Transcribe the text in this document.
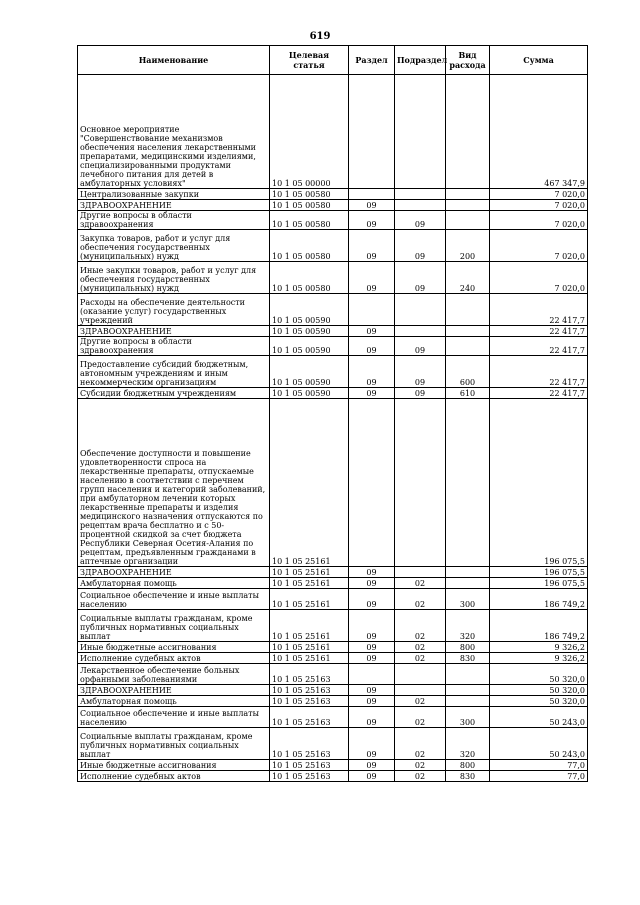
619
Наименование	Целевая статья	Раздел	Подраздел	Вид расхода	Сумма

Основное мероприятие "Совершенствование механизмов обеспечения населения лекарственными препаратами, медицинскими изделиями, специализированными продуктами лечебного питания для детей в амбулаторных условиях"	10 1 05 00000				467 347,9

Централизованные закупки	10 1 05 00580				7 020,0

ЗДРАВООХРАНЕНИЕ	10 1 05 00580	09			7 020,0

Другие вопросы в области здравоохранения	10 1 05 00580	09	09		7 020,0

Закупка товаров, работ и услуг для обеспечения государственных (муниципальных) нужд	10 1 05 00580	09	09	200	7 020,0

Иные закупки товаров, работ и услуг для обеспечения государственных (муниципальных) нужд	10 1 05 00580	09	09	240	7 020,0

Расходы на обеспечение деятельности (оказание услуг) государственных учреждений	10 1 05 00590				22 417,7

ЗДРАВООХРАНЕНИЕ	10 1 05 00590	09			22 417,7

Другие вопросы в области здравоохранения	10 1 05 00590	09	09		22 417,7

Предоставление субсидий бюджетным, автономным учреждениям и иным некоммерческим организациям	10 1 05 00590	09	09	600	22 417,7

Субсидии бюджетным учреждениям	10 1 05 00590	09	09	610	22 417,7

Обеспечение доступности и повышение удовлетворенности спроса на лекарственные препараты, отпускаемые населению в соответствии с перечнем групп населения и категорий заболеваний, при амбулаторном лечении которых лекарственные препараты и изделия медицинского назначения отпускаются по рецептам врача бесплатно и с 50-процентной скидкой за счет бюджета Республики Северная Осетия-Алания по рецептам, предъявленным гражданами в аптечные организации	10 1 05 25161				196 075,5

ЗДРАВООХРАНЕНИЕ	10 1 05 25161	09			196 075,5

Амбулаторная помощь	10 1 05 25161	09	02		196 075,5

Социальное обеспечение и иные выплаты населению	10 1 05 25161	09	02	300	186 749,2

Социальные выплаты гражданам, кроме публичных нормативных социальных выплат	10 1 05 25161	09	02	320	186 749,2

Иные бюджетные ассигнования	10 1 05 25161	09	02	800	9 326,2

Исполнение судебных актов	10 1 05 25161	09	02	830	9 326,2

Лекарственное обеспечение больных орфанными заболеваниями	10 1 05 25163				50 320,0

ЗДРАВООХРАНЕНИЕ	10 1 05 25163	09			50 320,0

Амбулаторная помощь	10 1 05 25163	09	02		50 320,0

Социальное обеспечение и иные выплаты населению	10 1 05 25163	09	02	300	50 243,0

Социальные выплаты гражданам, кроме публичных нормативных социальных выплат	10 1 05 25163	09	02	320	50 243,0

Иные бюджетные ассигнования	10 1 05 25163	09	02	800	77,0

Исполнение судебных актов	10 1 05 25163	09	02	830	77,0
